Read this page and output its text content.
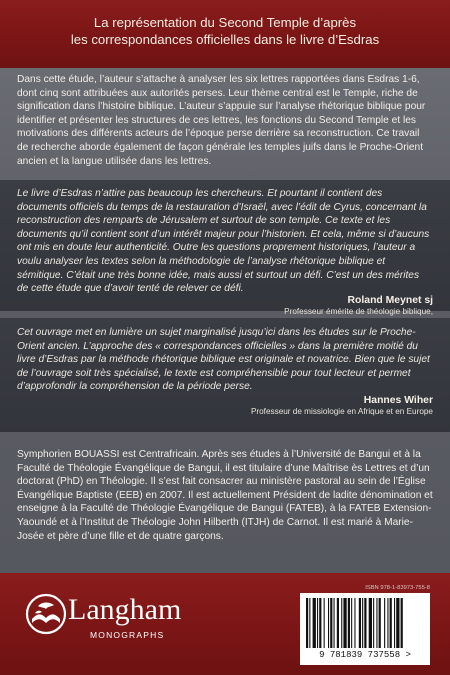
La représentation du Second Temple d’après
les correspondances officielles dans le livre d’Esdras
Dans cette étude, l’auteur s’attache à analyser les six lettres rapportées dans Esdras 1-6, dont cinq sont attribuées aux autorités perses. Leur thème central est le Temple, riche de signification dans l’histoire biblique. L’auteur s’appuie sur l’analyse rhétorique biblique pour identifier et présenter les structures de ces lettres, les fonctions du Second Temple et les motivations des différents acteurs de l’époque perse derrière sa reconstruction. Ce travail de recherche aborde également de façon générale les temples juifs dans le Proche-Orient ancien et la langue utilisée dans les lettres.
Le livre d’Esdras n’attire pas beaucoup les chercheurs. Et pourtant il contient des documents officiels du temps de la restauration d’Israël, avec l’édit de Cyrus, concernant la reconstruction des remparts de Jérusalem et surtout de son temple. Ce texte et les documents qu’il contient sont d’un intérêt majeur pour l’historien. Et cela, même si d’aucuns ont mis en doute leur authenticité. Outre les questions proprement historiques, l’auteur a voulu analyser les textes selon la méthodologie de l’analyse rhétorique biblique et sémitique. C’était une très bonne idée, mais aussi et surtout un défi. C’est un des mérites de cette étude que d’avoir tenté de relever ce défi.
Roland Meynet sj
Professeur émérite de théologie biblique,
Cet ouvrage met en lumière un sujet marginalisé jusqu’ici dans les études sur le Proche-Orient ancien. L’approche des « correspondances officielles » dans la première moitié du livre d’Esdras par la méthode rhétorique biblique est originale et novatrice. Bien que le sujet de l’ouvrage soit très spécialisé, le texte est compréhensible pour tout lecteur et permet d’approfondir la compréhension de la période perse.
Hannes Wiher
Professeur de missiologie en Afrique et en Europe
Symphorien BOUASSI est Centrafricain. Après ses études à l’Université de Bangui et à la Faculté de Théologie Évangélique de Bangui, il est titulaire d’une Maîtrise ès Lettres et d’un doctorat (PhD) en Théologie. Il s’est fait consacrer au ministère pastoral au sein de l’Église Évangélique Baptiste (EEB) en 2007. Il est actuellement Président de ladite dénomination et enseigne à la Faculté de Théologie Évangélique de Bangui (FATEB), à la FATEB Extension-Yaoundé et à l’Institut de Théologie John Hilberth (ITJH) de Carnot. Il est marié à Marie-Josée et père d’une fille et de quatre garçons.
Langham
MONOGRAPHS
ISBN 978-1-83973-755-8
9 781839 737558 >
